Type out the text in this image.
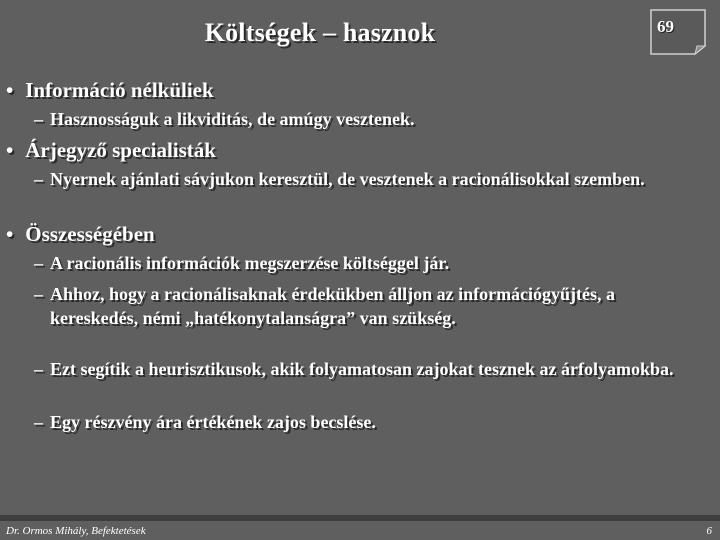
Költségek – hasznok	69
• Információ nélküliek
– Hasznosságuk a likviditás, de amúgy vesztenek.
• Árjegyző specialisták
– Nyernek ajánlati sávjukon keresztül, de vesztenek a racionálisokkal szemben.
• Összességében
– A racionális információk megszerzése költséggel jár.
– Ahhoz, hogy a racionálisaknak érdekükben álljon az információgyűjtés, a kereskedés, némi „hatékonytalanságra” van szükség.
– Ezt segítik a heurisztikusok, akik folyamatosan zajokat tesznek az árfolyamokba.
– Egy részvény ára értékének zajos becslése.
Dr. Ormos Mihály, Befektetések	6
